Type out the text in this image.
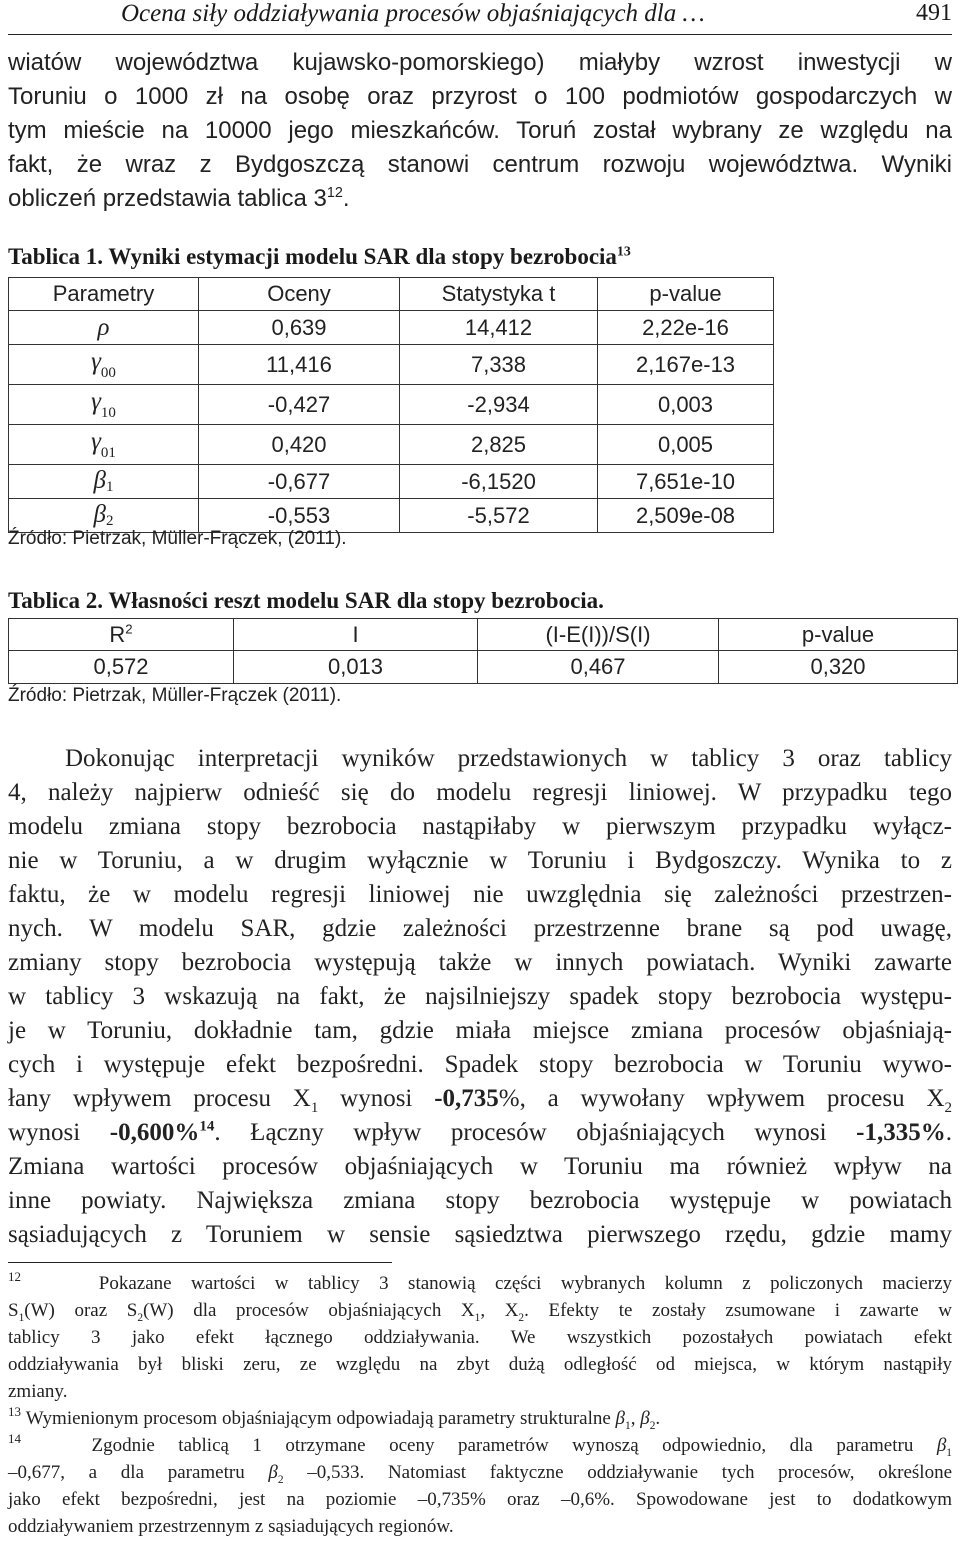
Ocena siły oddziaływania procesów objaśniających dla …	491
wiatów województwa kujawsko-pomorskiego) miałyby wzrost inwestycji w
Toruniu o 1000 zł na osobę oraz przyrost o 100 podmiotów gospodarczych w
tym mieście na 10000 jego mieszkańców. Toruń został wybrany ze względu na
fakt, że wraz z Bydgoszczą stanowi centrum rozwoju województwa. Wyniki
obliczeń przedstawia tablica $3^{12}$.
Tablica 1. Wyniki estymacji modelu SAR dla stopy bezrobocia$^{13}$
Parametry	Oceny	Statystyka t	p-value
ρ	0,639	14,412	2,22e-16
$\gamma_{00}$	11,416	7,338	2,167e-13
$\gamma_{10}$	-0,427	-2,934	0,003
$\gamma_{01}$	0,420	2,825	0,005
β1	-0,677	-6,1520	7,651e-10
β2	-0,553	-5,572	2,509e-08
Źródło: Pietrzak, Müller-Frączek, (2011).
Tablica 2. Własności reszt modelu SAR dla stopy bezrobocia.
$R^2$	I	(I-E(I))/S(I)	p-value
0,572	0,013	0,467	0,320
Źródło: Pietrzak, Müller-Frączek (2011).
Dokonując interpretacji wyników przedstawionych w tablicy 3 oraz tablicy
4, należy najpierw odnieść się do modelu regresji liniowej. W przypadku tego
modelu zmiana stopy bezrobocia nastąpiłaby w pierwszym przypadku wyłącz-
nie w Toruniu, a w drugim wyłącznie w Toruniu i Bydgoszczy. Wynika to z
faktu, że w modelu regresji liniowej nie uwzględnia się zależności przestrzen-
nych. W modelu SAR, gdzie zależności przestrzenne brane są pod uwagę,
zmiany stopy bezrobocia występują także w innych powiatach. Wyniki zawarte
w tablicy 3 wskazują na fakt, że najsilniejszy spadek stopy bezrobocia występu-
je w Toruniu, dokładnie tam, gdzie miała miejsce zmiana procesów objaśniają-
cych i występuje efekt bezpośredni. Spadek stopy bezrobocia w Toruniu wywo-
łany wpływem procesu $X_1$ wynosi -0,735%, a wywołany wpływem procesu $X_2$
wynosi -0,600%$^{14}$. Łączny wpływ procesów objaśniających wynosi -1,335%.
Zmiana wartości procesów objaśniających w Toruniu ma również wpływ na
inne powiaty. Największa zmiana stopy bezrobocia występuje w powiatach
sąsiadujących z Toruniem w sensie sąsiedztwa pierwszego rzędu, gdzie mamy
$^{12}$	Pokazane wartości w tablicy 3 stanowią części wybranych kolumn z policzonych macierzy
$S_1(W)$ oraz $S_2(W)$ dla procesów objaśniających $X_1$, $X_2$. Efekty te zostały zsumowane i zawarte w
tablicy 3 jako efekt łącznego oddziaływania. We wszystkich pozostałych powiatach efekt
oddziaływania był bliski zeru, ze względu na zbyt dużą odległość od miejsca, w którym nastąpiły
zmiany.
$^{13}$ Wymienionym procesom objaśniającym odpowiadają parametry strukturalne $\beta_1$, $\beta_2$.
$^{14}$	Zgodnie tablicą 1 otrzymane oceny parametrów wynoszą odpowiednio, dla parametru $\beta_1$
–0,677, a dla parametru $\beta_2$ –0,533. Natomiast faktyczne oddziaływanie tych procesów, określone
jako efekt bezpośredni, jest na poziomie –0,735% oraz –0,6%. Spowodowane jest to dodatkowym
oddziaływaniem przestrzennym z sąsiadujących regionów.
